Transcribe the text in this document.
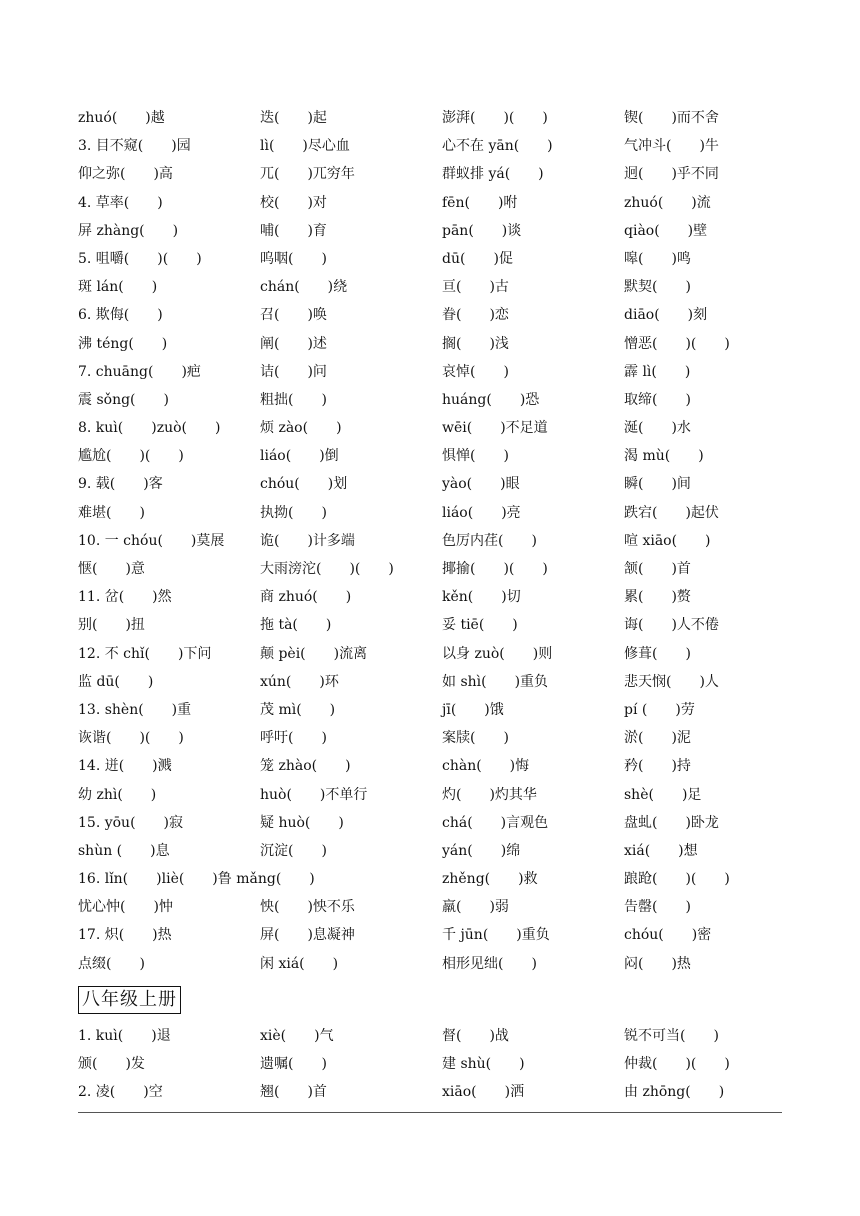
zhuó(　　)越	迭(　　)起	澎湃(　　)(　　)	锲(　　)而不舍
3. 目不窥(　　)园	lì(　　)尽心血	心不在 yān(　　)	气冲斗(　　)牛
仰之弥(　　)高	兀(　　)兀穷年	群蚁排 yá(　　)	迥(　　)乎不同
4. 草率(　　)	校(　　)对	fēn(　　)咐	zhuó(　　)流
屏 zhàng(　　)	哺(　　)育	pān(　　)谈	qiào(　　)壁
5. 咀嚼(　　)(　　)	呜咽(　　)	dū(　　)促	嗥(　　)鸣
斑 lán(　　)	chán(　　)绕	亘(　　)古	默契(　　)
6. 欺侮(　　)	召(　　)唤	眷(　　)恋	diāo(　　)刻
沸 téng(　　)	阐(　　)述	搁(　　)浅	憎恶(　　)(　　)
7. chuāng(　　)疤	诘(　　)问	哀悼(　　)	霹 lì(　　)
震 sǒng(　　)	粗拙(　　)	huáng(　　)恐	取缔(　　)
8. kuì(　　)zuò(　　)	烦 zào(　　)	wēi(　　)不足道	涎(　　)水
尴尬(　　)(　　)	liáo(　　)倒	惧惮(　　)	渴 mù(　　)
9. 载(　　)客	chóu(　　)划	yào(　　)眼	瞬(　　)间
难堪(　　)	执拗(　　)	liáo(　　)亮	跌宕(　　)起伏
10. 一 chóu(　　)莫展	诡(　　)计多端	色厉内荏(　　)	喧 xiāo(　　)
惬(　　)意	大雨滂沱(　　)(　　)	揶揄(　　)(　　)	颔(　　)首
11. 岔(　　)然	商 zhuó(　　)	kěn(　　)切	累(　　)赘
别(　　)扭	拖 tà(　　)	妥 tiē(　　)	诲(　　)人不倦
12. 不 chǐ(　　)下问	颠 pèi(　　)流离	以身 zuò(　　)则	修葺(　　)
监 dū(　　)	xún(　　)环	如 shì(　　)重负	悲天悯(　　)人
13. shèn(　　)重	茂 mì(　　)	jī(　　)饿	pí (　　)劳
诙谐(　　)(　　)	呼吁(　　)	案牍(　　)	淤(　　)泥
14. 迸(　　)溅	笼 zhào(　　)	chàn(　　)悔	矜(　　)持
幼 zhì(　　)	huò(　　)不单行	灼(　　)灼其华	shè(　　)足
15. yōu(　　)寂	疑 huò(　　)	chá(　　)言观色	盘虬(　　)卧龙
shùn (　　)息	沉淀(　　)	yán(　　)绵	xiá(　　)想
16. lǐn(　　)liè(　　)鲁 mǎng(　　)	zhěng(　　)救	踉跄(　　)(　　)
忧心忡(　　)忡	怏(　　)怏不乐	羸(　　)弱	告罄(　　)
17. 炽(　　)热	屏(　　)息凝神	千 jūn(　　)重负	chóu(　　)密
点缀(　　)	闲 xiá(　　)	相形见绌(　　)	闷(　　)热
八年级上册
1. kuì(　　)退	xiè(　　)气	督(　　)战	锐不可当(　　)
颁(　　)发	遗嘱(　　)	建 shù(　　)	仲裁(　　)(　　)
2. 凌(　　)空	翘(　　)首	xiāo(　　)洒	由 zhōng(　　)
